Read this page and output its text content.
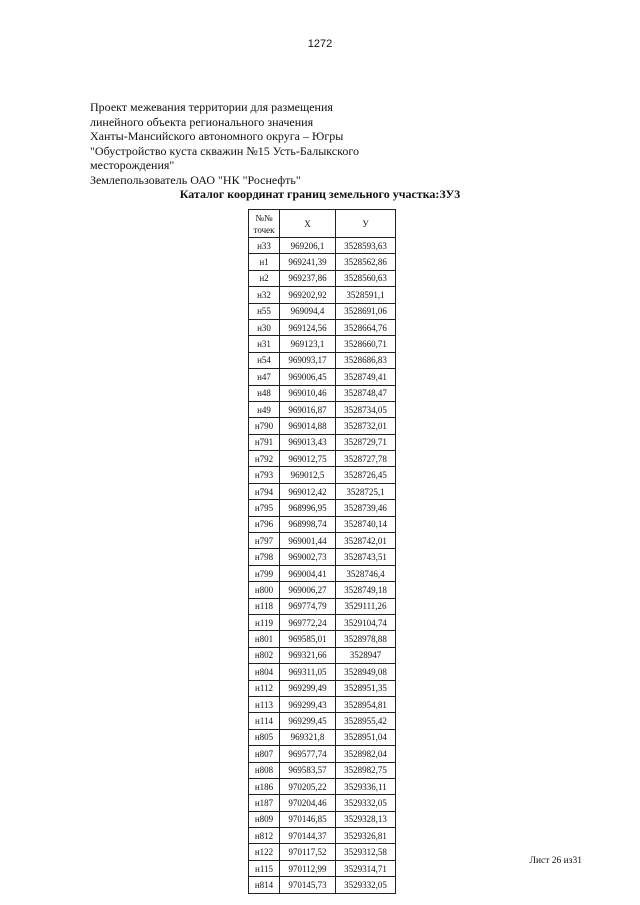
1272
Проект межевания территории для размещения
линейного объекта регионального значения
Ханты-Мансийского автономного округа – Югры
"Обустройство куста скважин №15 Усть-Балыкского
месторождения"
Землепользователь ОАО "НК "Роснефть"
Каталог координат границ земельного участка:ЗУ3
№№ точек	X	У
н33	969206,1	3528593,63
н1	969241,39	3528562,86
н2	969237,86	3528560,63
н32	969202,92	3528591,1
н55	969094,4	3528691,06
н30	969124,56	3528664,76
н31	969123,1	3528660,71
н54	969093,17	3528686,83
н47	969006,45	3528749,41
н48	969010,46	3528748,47
н49	969016,87	3528734,05
н790	969014,88	3528732,01
н791	969013,43	3528729,71
н792	969012,75	3528727,78
н793	969012,5	3528726,45
н794	969012,42	3528725,1
н795	968996,95	3528739,46
н796	968998,74	3528740,14
н797	969001,44	3528742,01
н798	969002,73	3528743,51
н799	969004,41	3528746,4
н800	969006,27	3528749,18
н118	969774,79	3529111,26
н119	969772,24	3529104,74
н801	969585,01	3528978,88
н802	969321,66	3528947
н804	969311,05	3528949,08
н112	969299,49	3528951,35
н113	969299,43	3528954,81
н114	969299,45	3528955,42
н805	969321,8	3528951,04
н807	969577,74	3528982,04
н808	969583,57	3528982,75
н186	970205,22	3529336,11
н187	970204,46	3529332,05
н809	970146,85	3529328,13
н812	970144,37	3529326,81
н122	970117,52	3529312,58
н115	970112,99	3529314,71
н814	970145,73	3529332,05
Лист 26 из31
